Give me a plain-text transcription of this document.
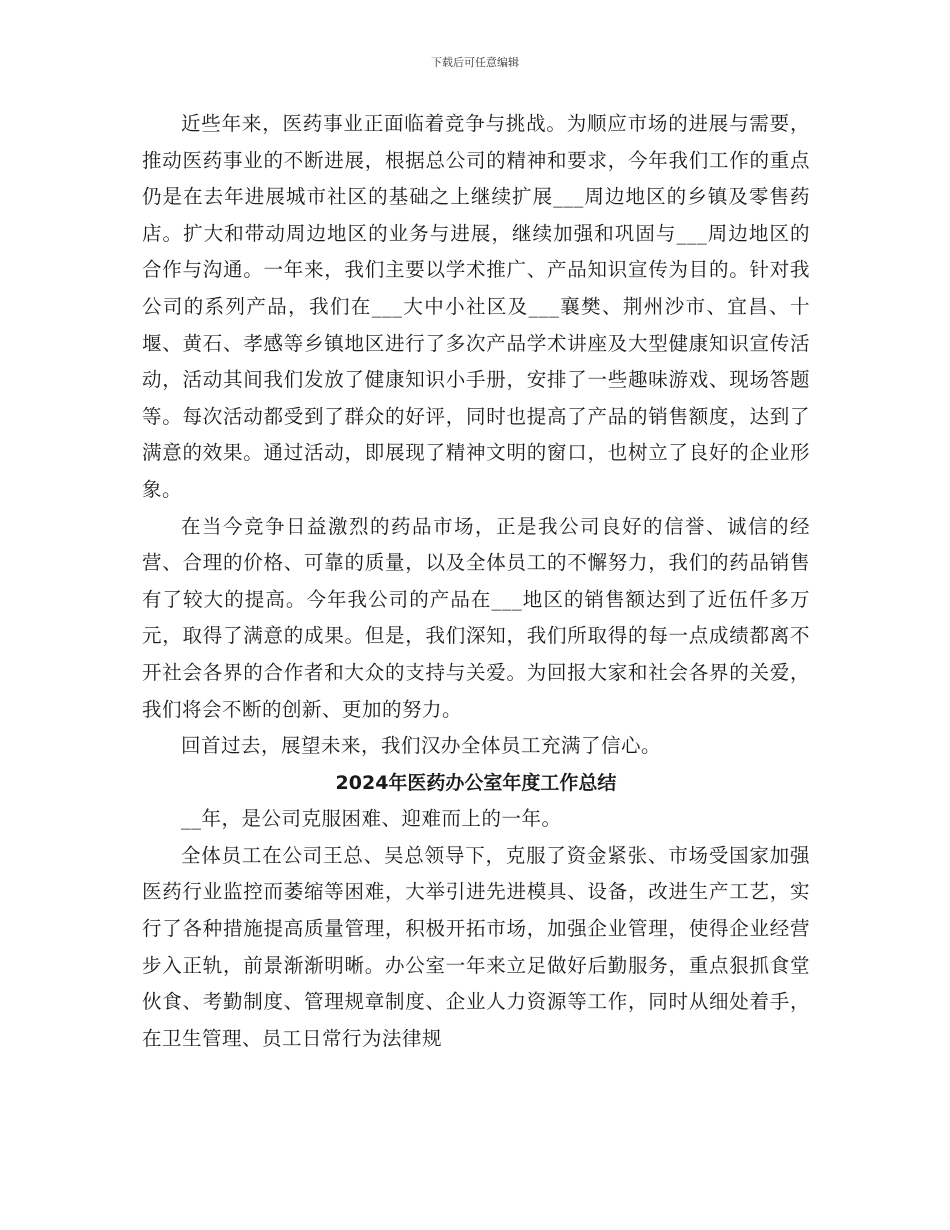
下载后可任意编辑

近些年来，医药事业正面临着竞争与挑战。为顺应市场的进展与需要，推动医药事业的不断进展，根据总公司的精神和要求，今年我们工作的重点仍是在去年进展城市社区的基础之上继续扩展___周边地区的乡镇及零售药店。扩大和带动周边地区的业务与进展，继续加强和巩固与___周边地区的合作与沟通。一年来，我们主要以学术推广、产品知识宣传为目的。针对我公司的系列产品，我们在___大中小社区及___襄樊、荆州沙市、宜昌、十堰、黄石、孝感等乡镇地区进行了多次产品学术讲座及大型健康知识宣传活动，活动其间我们发放了健康知识小手册，安排了一些趣味游戏、现场答题等。每次活动都受到了群众的好评，同时也提高了产品的销售额度，达到了满意的效果。通过活动，即展现了精神文明的窗口，也树立了良好的企业形象。

在当今竞争日益激烈的药品市场，正是我公司良好的信誉、诚信的经营、合理的价格、可靠的质量，以及全体员工的不懈努力，我们的药品销售有了较大的提高。今年我公司的产品在___地区的销售额达到了近伍仟多万元，取得了满意的成果。但是，我们深知，我们所取得的每一点成绩都离不开社会各界的合作者和大众的支持与关爱。为回报大家和社会各界的关爱，我们将会不断的创新、更加的努力。

回首过去，展望未来，我们汉办全体员工充满了信心。

2024年医药办公室年度工作总结

__年，是公司克服困难、迎难而上的一年。

全体员工在公司王总、吴总领导下，克服了资金紧张、市场受国家加强医药行业监控而萎缩等困难，大举引进先进模具、设备，改进生产工艺，实行了各种措施提高质量管理，积极开拓市场，加强企业管理，使得企业经营步入正轨，前景渐渐明晰。办公室一年来立足做好后勤服务，重点狠抓食堂伙食、考勤制度、管理规章制度、企业人力资源等工作，同时从细处着手，在卫生管理、员工日常行为法律规
